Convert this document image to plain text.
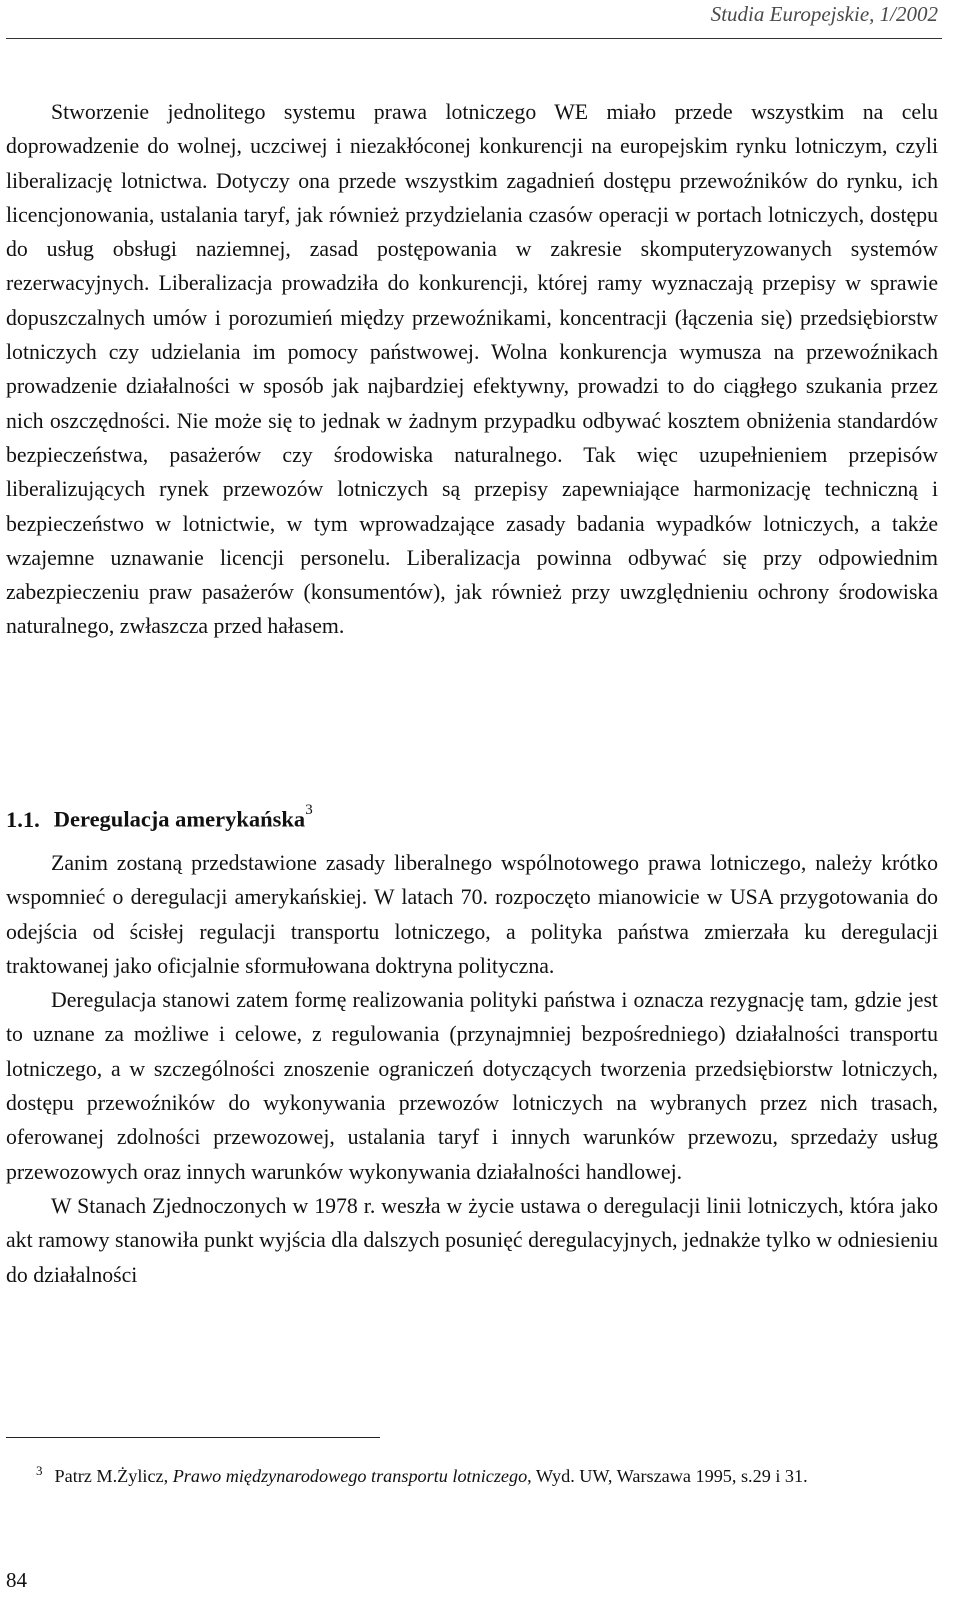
Studia Europejskie, 1/2002

Stworzenie jednolitego systemu prawa lotniczego WE miało przede wszystkim na celu doprowadzenie do wolnej, uczciwej i niezakłóconej konkurencji na europejskim rynku lotniczym, czyli liberalizację lotnictwa. Dotyczy ona przede wszystkim zagadnień dostępu przewoźników do rynku, ich licencjonowania, ustalania taryf, jak również przydzielania czasów operacji w portach lotniczych, dostępu do usług obsługi naziemnej, zasad postępowania w zakresie skomputeryzowanych systemów rezerwacyjnych. Liberalizacja prowadziła do konkurencji, której ramy wyznaczają przepisy w sprawie dopuszczalnych umów i porozumień między przewoźnikami, koncentracji (łączenia się) przedsiębiorstw lotniczych czy udzielania im pomocy państwowej. Wolna konkurencja wymusza na przewoźnikach prowadzenie działalności w sposób jak najbardziej efektywny, prowadzi to do ciągłego szukania przez nich oszczędności. Nie może się to jednak w żadnym przypadku odbywać kosztem obniżenia standardów bezpieczeństwa, pasażerów czy środowiska naturalnego. Tak więc uzupełnieniem przepisów liberalizujących rynek przewozów lotniczych są przepisy zapewniające harmonizację techniczną i bezpieczeństwo w lotnictwie, w tym wprowadzające zasady badania wypadków lotniczych, a także wzajemne uznawanie licencji personelu. Liberalizacja powinna odbywać się przy odpowiednim zabezpieczeniu praw pasażerów (konsumentów), jak również przy uwzględnieniu ochrony środowiska naturalnego, zwłaszcza przed hałasem.

1.1. Deregulacja amerykańska$^3$

Zanim zostaną przedstawione zasady liberalnego wspólnotowego prawa lotniczego, należy krótko wspomnieć o deregulacji amerykańskiej. W latach 70. rozpoczęto mianowicie w USA przygotowania do odejścia od ścisłej regulacji transportu lotniczego, a polityka państwa zmierzała ku deregulacji traktowanej jako oficjalnie sformułowana doktryna polityczna.

Deregulacja stanowi zatem formę realizowania polityki państwa i oznacza rezygnację tam, gdzie jest to uznane za możliwe i celowe, z regulowania (przynajmniej bezpośredniego) działalności transportu lotniczego, a w szczególności znoszenie ograniczeń dotyczących tworzenia przedsiębiorstw lotniczych, dostępu przewoźników do wykonywania przewozów lotniczych na wybranych przez nich trasach, oferowanej zdolności przewozowej, ustalania taryf i innych warunków przewozu, sprzedaży usług przewozowych oraz innych warunków wykonywania działalności handlowej.

W Stanach Zjednoczonych w 1978 r. weszła w życie ustawa o deregulacji linii lotniczych, która jako akt ramowy stanowiła punkt wyjścia dla dalszych posunięć deregulacyjnych, jednakże tylko w odniesieniu do działalności

$^3$ Patrz M.Żylicz, Prawo międzynarodowego transportu lotniczego, Wyd. UW, Warszawa 1995, s.29 i 31.
84
